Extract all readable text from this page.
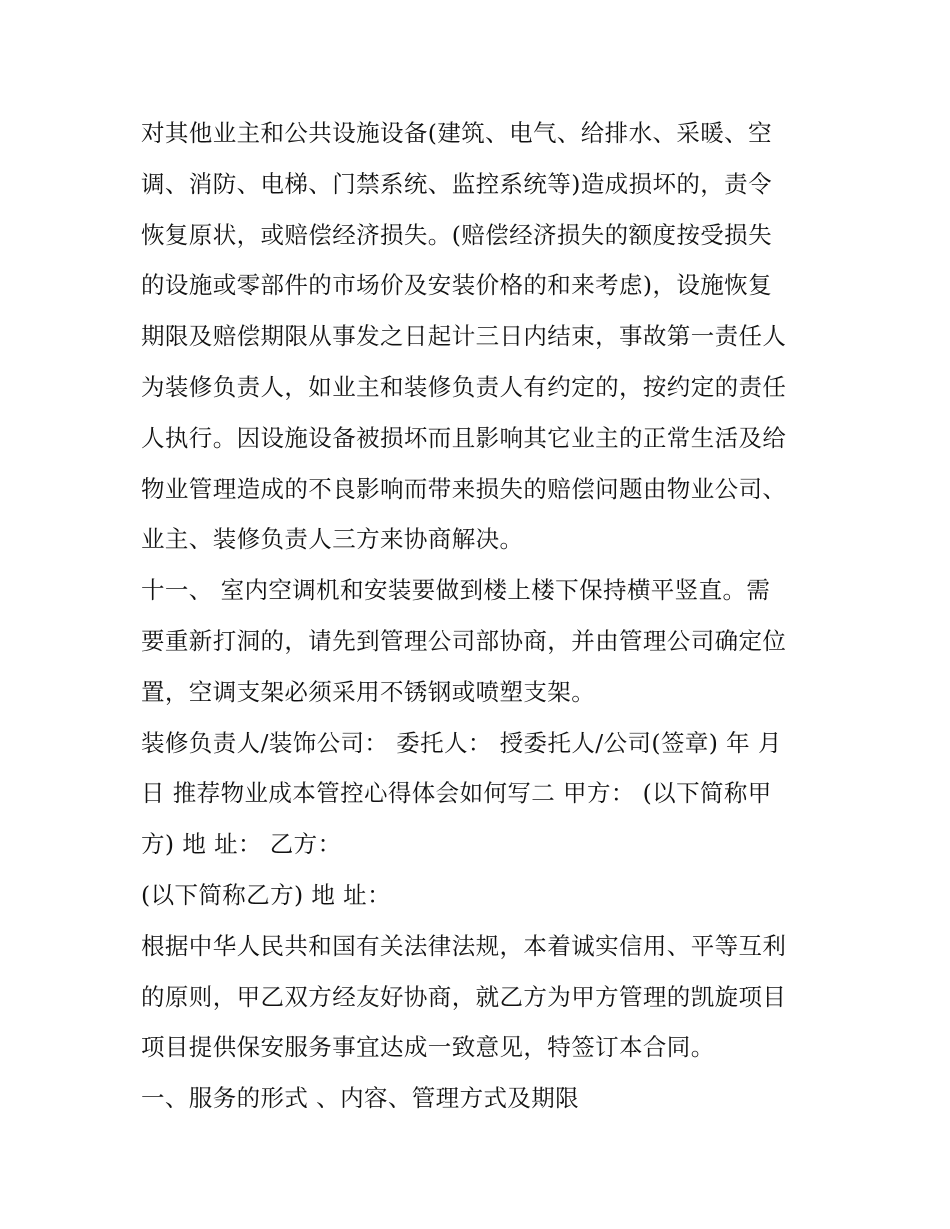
对其他业主和公共设施设备(建筑、电气、给排水、采暖、空
调、消防、电梯、门禁系统、监控系统等)造成损坏的，责令
恢复原状，或赔偿经济损失。(赔偿经济损失的额度按受损失
的设施或零部件的市场价及安装价格的和来考虑)，设施恢复
期限及赔偿期限从事发之日起计三日内结束，事故第一责任人
为装修负责人，如业主和装修负责人有约定的，按约定的责任
人执行。因设施设备被损坏而且影响其它业主的正常生活及给
物业管理造成的不良影响而带来损失的赔偿问题由物业公司、
业主、装修负责人三方来协商解决。
十一、 室内空调机和安装要做到楼上楼下保持横平竖直。需
要重新打洞的，请先到管理公司部协商，并由管理公司确定位
置，空调支架必须采用不锈钢或喷塑支架。
装修负责人/装饰公司： 委托人： 授委托人/公司(签章) 年 月
日 推荐物业成本管控心得体会如何写二 甲方： (以下简称甲
方) 地 址： 乙方：
(以下简称乙方) 地 址：
根据中华人民共和国有关法律法规，本着诚实信用、平等互利
的原则，甲乙双方经友好协商，就乙方为甲方管理的凯旋项目
项目提供保安服务事宜达成一致意见，特签订本合同。
一、服务的形式 、内容、管理方式及期限
